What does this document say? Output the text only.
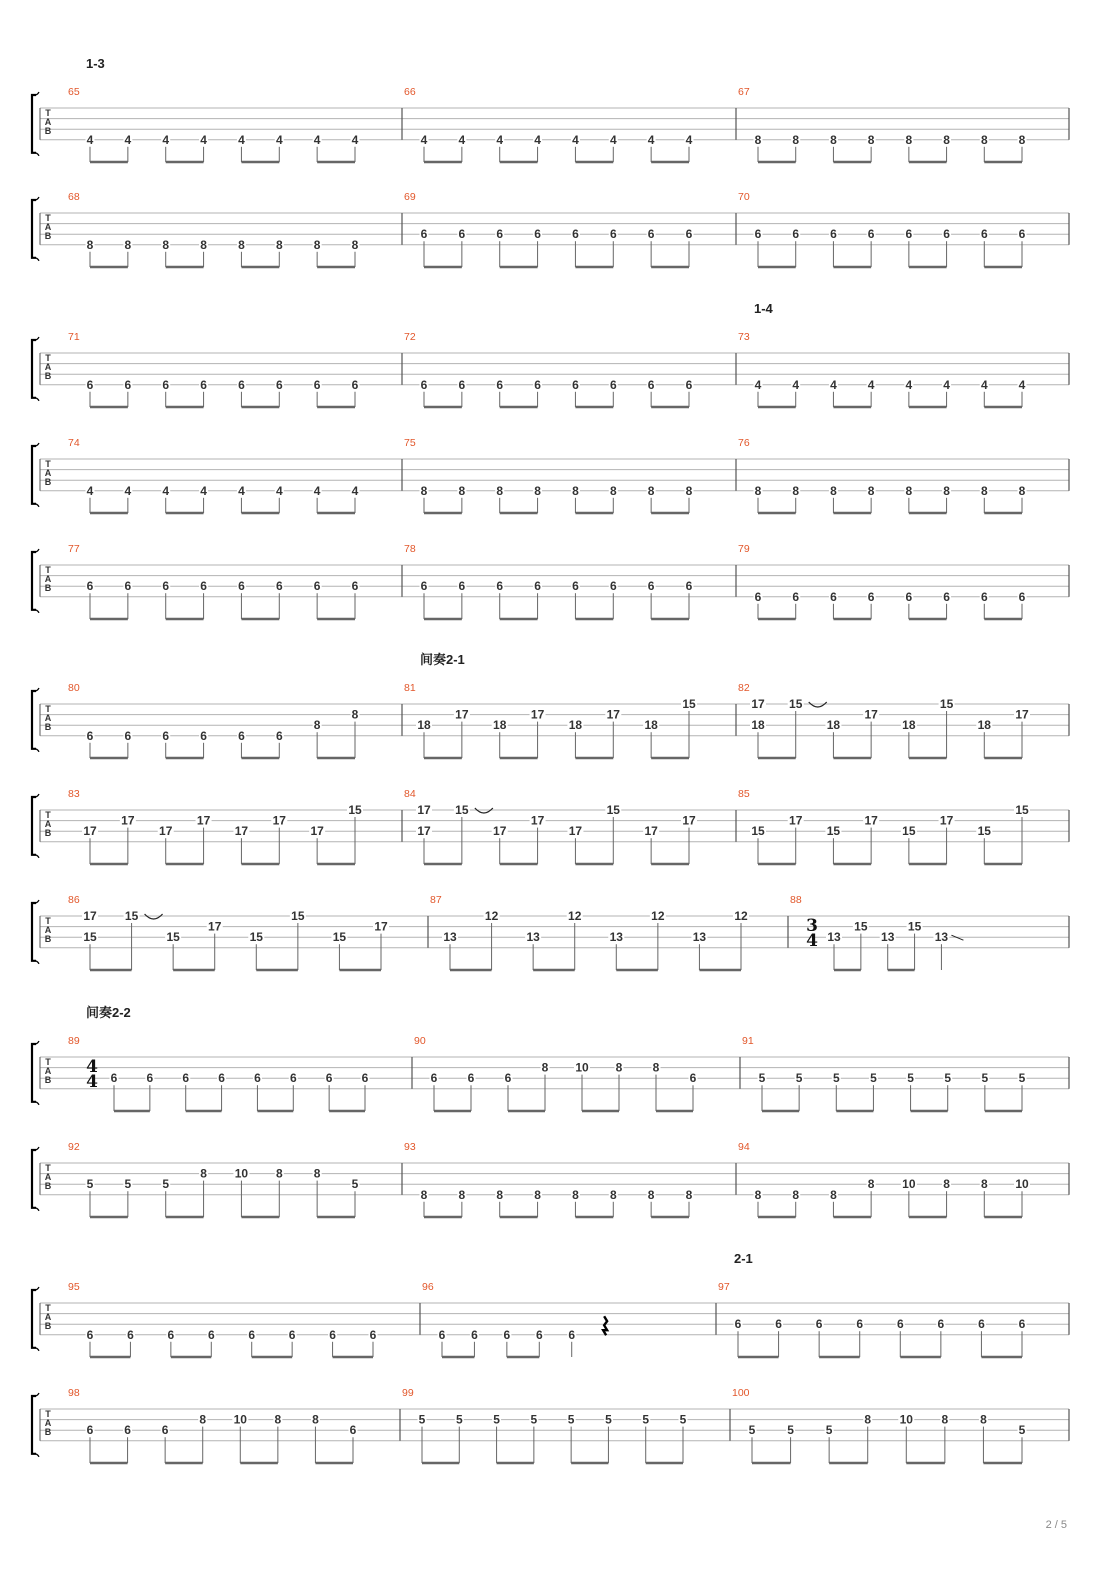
T
A
B
1-3
65
4	4	4	4	4	4	4	4
66
4	4	4	4	4	4	4	4
67
8	8	8	8	8	8	8	8
T
A
B
68
8	8	8	8	8	8	8	8
69
6	6	6	6	6	6	6	6
70
6	6	6	6	6	6	6	6
T
A
B
1-4
71
6	6	6	6	6	6	6	6
72
6	6	6	6	6	6	6	6
73
4	4	4	4	4	4	4	4
T
A
B
74
4	4	4	4	4	4	4	4
75
8	8	8	8	8	8	8	8
76
8	8	8	8	8	8	8	8
T
A
B
77
6	6	6	6	6	6	6	6
78
6	6	6	6	6	6	6	6
79
6	6	6	6	6	6	6	6
T
A
B
间奏2-1
80
6	6	6	6	6	6
8
8
81
18
17
18
17
18
17
18
15
82
17
18
15
18
17
18
15
18
17
T
A
B
83
17
17
17
17
17
17
17
15
84
17
17
15
17
17
17
15
17
17
85
15
17
15
17
15
17
15
15
T
A
B
86
17
15
15
15
17
15
15
15
17
87
13
12
13
12
13
12
13
12
88
3
4 13
15
13
15
13
T
A
B
间奏2-2
89
4
4 6 6 6 6 6 6 6 6
90
6	6	6
8 10 8	8
6
91
5	5	5	5	5	5	5	5
T
A
B
92
5	5	5
8 10 8	8
5
93
8	8	8	8	8	8	8	8
94
8	8	8
8 10 8	8 10
T
A
B
2-1
95
6	6	6	6	6	6	6	6
96
6 6 6 6 6
97
6	6	6	6	6	6	6	6
T
A
B
98
6	6	6
8 10 8	8
6
99
5	5	5	5	5	5	5	5
100
5	5	5
8 10 8	8
5
2 / 5
